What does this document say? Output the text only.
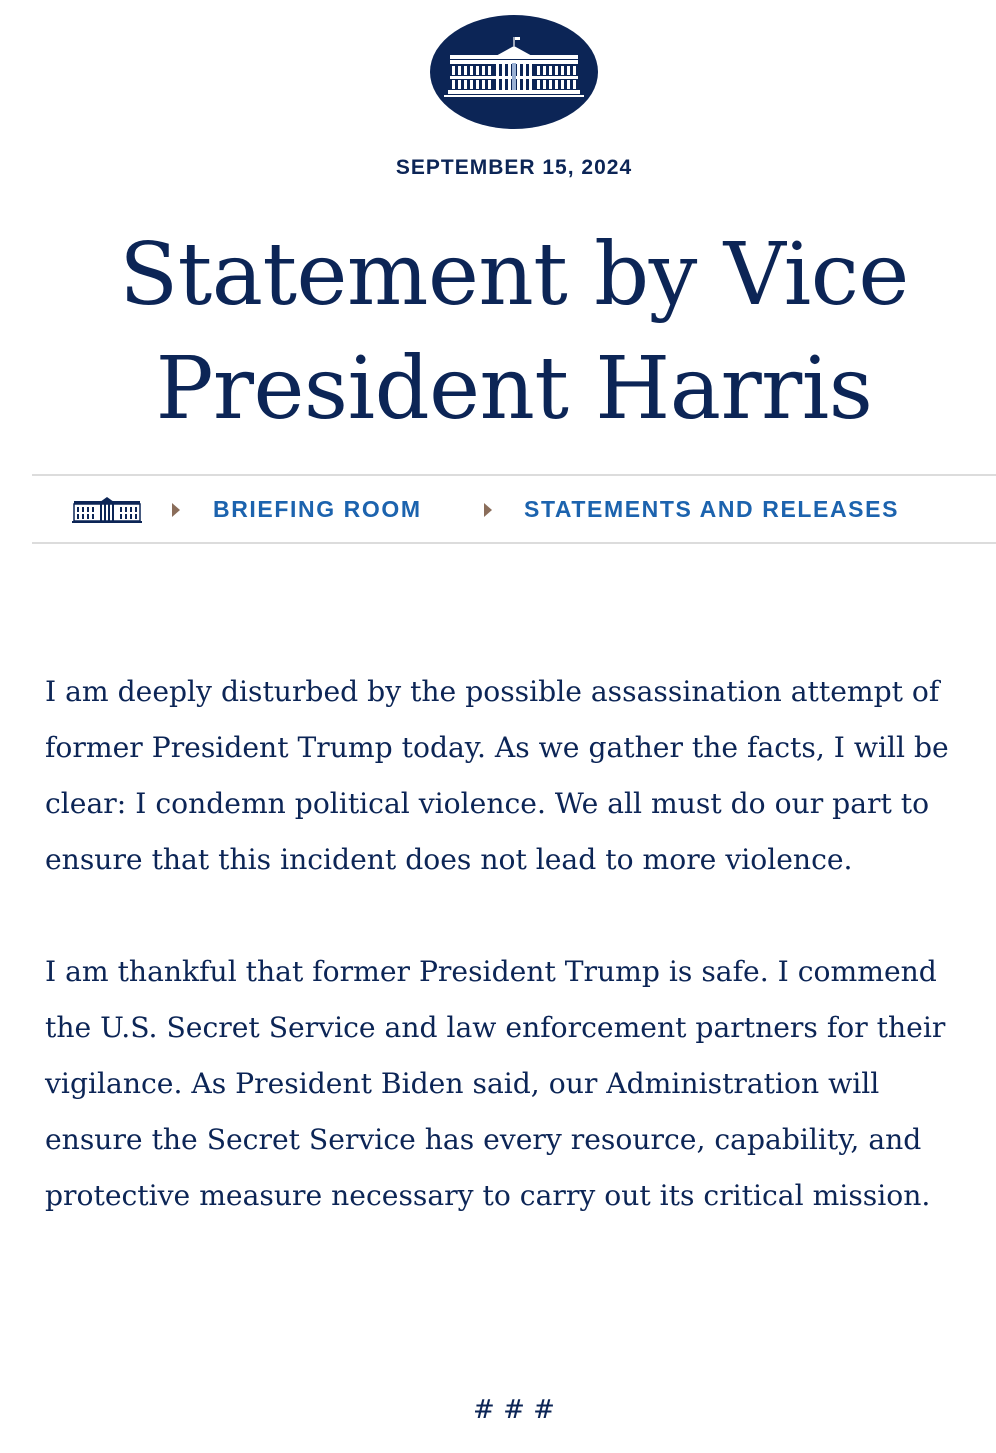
SEPTEMBER 15, 2024
Statement by Vice President Harris
BRIEFING ROOM	STATEMENTS AND RELEASES

I am deeply disturbed by the possible assassination attempt of former President Trump today. As we gather the facts, I will be clear: I condemn political violence. We all must do our part to ensure that this incident does not lead to more violence.

I am thankful that former President Trump is safe. I commend the U.S. Secret Service and law enforcement partners for their vigilance. As President Biden said, our Administration will ensure the Secret Service has every resource, capability, and protective measure necessary to carry out its critical mission.

# # #
